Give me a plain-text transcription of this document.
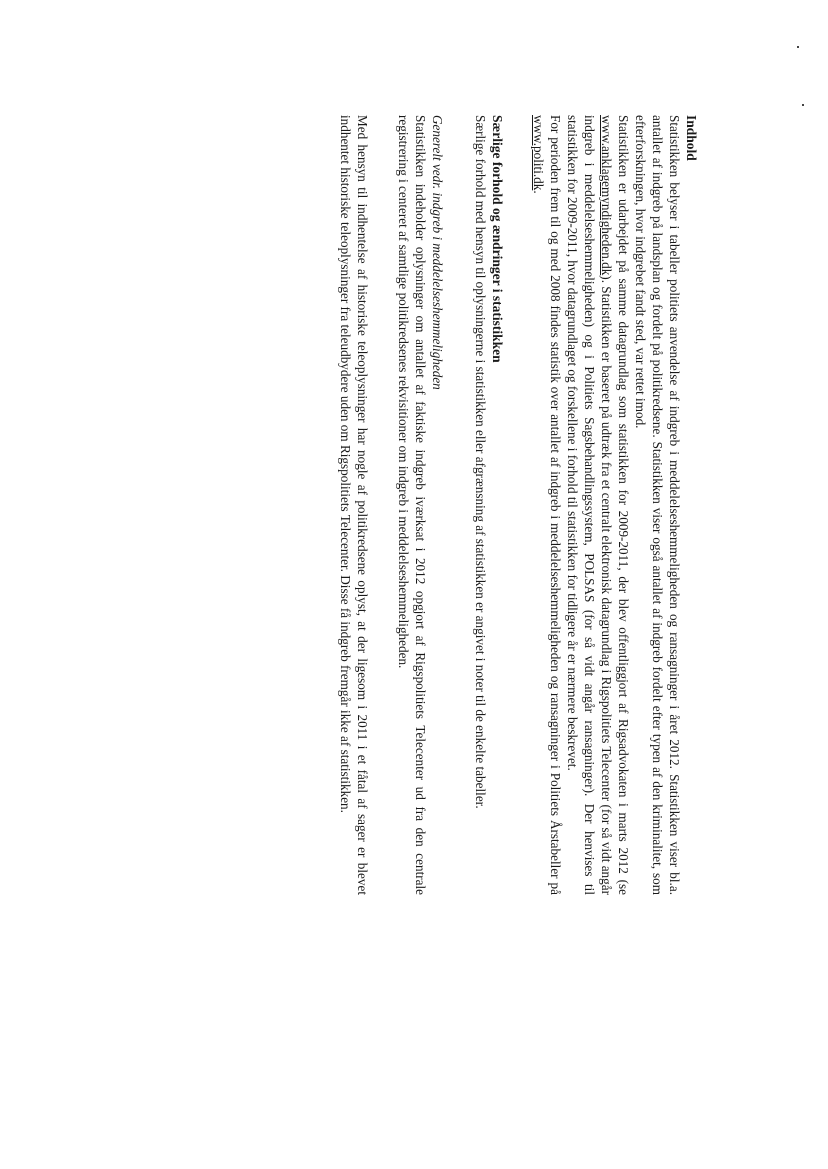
Indhold

Statistikken belyser i tabeller politiets anvendelse af indgreb i meddelelseshemmeligheden og ransagninger i året 2012. Statistikken viser bl.a. antallet af indgreb på landsplan og fordelt på politikredsene. Statistikken viser også antallet af indgreb fordelt efter typen af den kriminalitet, som efterforskningen, hvor indgrebet fandt sted, var rettet imod.

Statistikken er udarbejdet på samme datagrundlag som statistikken for 2009-2011, der blev offentliggjort af Rigsadvokaten i marts 2012 (se www.anklagemyndigheden.dk). Statistikken er baseret på udtræk fra et centralt elektronisk datagrundlag i Rigspolitiets Telecenter (for så vidt angår indgreb i meddelelseshemmeligheden) og i Politiets Sagsbehandlingssystem, POLSAS (for så vidt angår ransagninger). Der henvises til statistikken for 2009-2011, hvor datagrundlaget og forskellene i forhold til statistikken for tidligere år er nærmere beskrevet.

For perioden frem til og med 2008 findes statistik over antallet af indgreb i meddelelseshemmeligheden og ransagninger i Politiets Årstabeller på www.politi.dk.

Særlige forhold og ændringer i statistikken

Særlige forhold med hensyn til oplysningerne i statistikken eller afgrænsning af statistikken er angivet i noter til de enkelte tabeller.

Generelt vedr. indgreb i meddelelseshemmeligheden

Statistikken indeholder oplysninger om antallet af faktiske indgreb iværksat i 2012 opgjort af Rigspolitiets Telecenter ud fra den centrale registrering i centeret af samtlige politikredsenes rekvisitioner om indgreb i meddelelseshemmeligheden.

Med hensyn til indhentelse af historiske teleoplysninger har nogle af politikredsene oplyst, at der ligesom i 2011 i et fåtal af sager er blevet indhentet historiske teleoplysninger fra teleudbydere uden om Rigspolitiets Telecenter. Disse få indgreb fremgår ikke af statistikken.
